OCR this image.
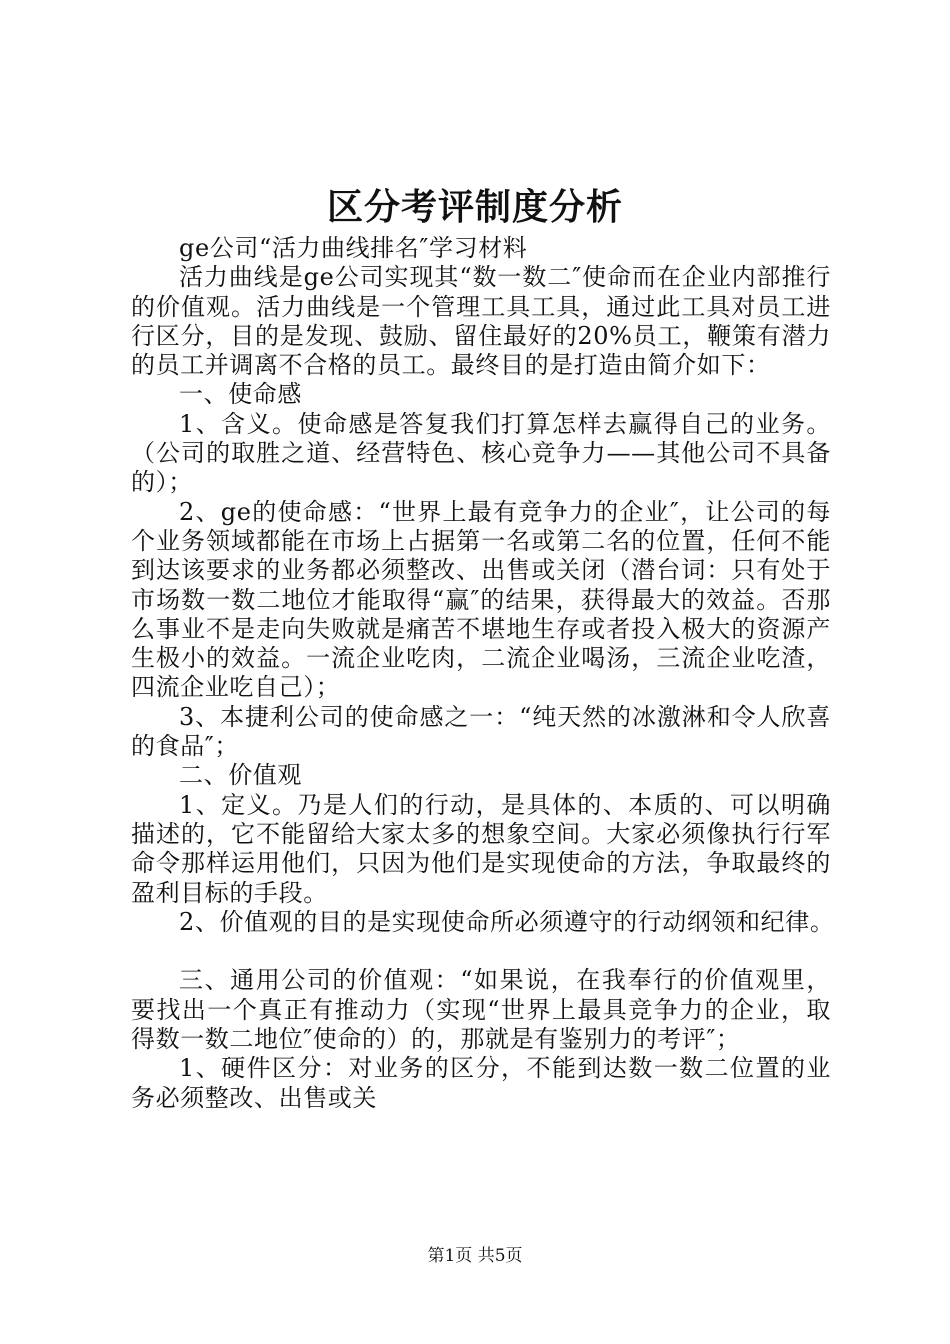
区分考评制度分析

ge公司“活力曲线排名″学习材料

活力曲线是ge公司实现其“数一数二″使命而在企业内部推行的价值观。活力曲线是一个管理工具工具，通过此工具对员工进行区分，目的是发现、鼓励、留住最好的20%员工，鞭策有潜力的员工并调离不合格的员工。最终目的是打造由简介如下：

一、使命感

1、含义。使命感是答复我们打算怎样去赢得自己的业务。（公司的取胜之道、经营特色、核心竞争力——其他公司不具备的）；

2、ge的使命感：“世界上最有竞争力的企业″，让公司的每个业务领域都能在市场上占据第一名或第二名的位置，任何不能到达该要求的业务都必须整改、出售或关闭（潜台词：只有处于市场数一数二地位才能取得“赢″的结果，获得最大的效益。否那么事业不是走向失败就是痛苦不堪地生存或者投入极大的资源产生极小的效益。一流企业吃肉，二流企业喝汤，三流企业吃渣，四流企业吃自己）；

3、本捷利公司的使命感之一：“纯天然的冰激淋和令人欣喜的食品″；

二、价值观

1、定义。乃是人们的行动，是具体的、本质的、可以明确描述的，它不能留给大家太多的想象空间。大家必须像执行行军命令那样运用他们，只因为他们是实现使命的方法，争取最终的盈利目标的手段。

2、价值观的目的是实现使命所必须遵守的行动纲领和纪律。

三、通用公司的价值观：“如果说，在我奉行的价值观里，要找出一个真正有推动力（实现“世界上最具竞争力的企业，取得数一数二地位″使命的）的，那就是有鉴别力的考评″；

1、硬件区分：对业务的区分，不能到达数一数二位置的业务必须整改、出售或关

第1页 共5页
